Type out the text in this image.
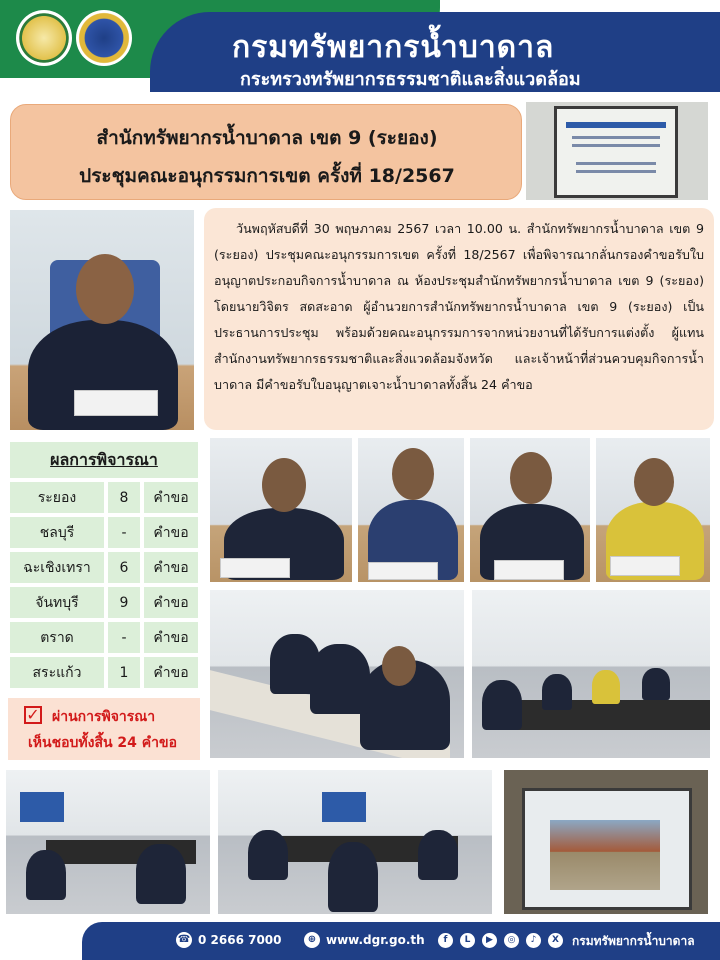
กรมทรัพยากรน้ำบาดาล
กระทรวงทรัพยากรธรรมชาติและสิ่งแวดล้อม
สำนักทรัพยากรน้ำบาดาล เขต 9 (ระยอง)
ประชุมคณะอนุกรรมการเขต ครั้งที่ 18/2567

วันพฤหัสบดีที่ 30 พฤษภาคม 2567 เวลา 10.00 น. สำนักทรัพยากรน้ำบาดาล เขต 9 (ระยอง) ประชุมคณะอนุกรรมการเขต ครั้งที่ 18/2567 เพื่อพิจารณากลั่นกรองคำขอรับใบอนุญาตประกอบกิจการน้ำบาดาล ณ ห้องประชุมสำนักทรัพยากรน้ำบาดาล เขต 9 (ระยอง) โดยนายวิจิตร สดสะอาด ผู้อำนวยการสำนักทรัพยากรน้ำบาดาล เขต 9 (ระยอง) เป็นประธานการประชุม พร้อมด้วยคณะอนุกรรมการจากหน่วยงานที่ได้รับการแต่งตั้ง ผู้แทนสำนักงานทรัพยากรธรรมชาติและสิ่งแวดล้อมจังหวัด และเจ้าหน้าที่ส่วนควบคุมกิจการน้ำบาดาล มีคำขอรับใบอนุญาตเจาะน้ำบาดาลทั้งสิ้น 24 คำขอ

ผลการพิจารณา
ระยอง	8	คำขอ
ชลบุรี	-	คำขอ
ฉะเชิงเทรา	6	คำขอ
จันทบุรี	9	คำขอ
ตราด	-	คำขอ
สระแก้ว	1	คำขอ
✓ ผ่านการพิจารณา
เห็นชอบทั้งสิ้น 24 คำขอ
☎ 0 2666 7000	⊕ www.dgr.go.th	f	L	▶	◎	♪	X	กรมทรัพยากรน้ำบาดาล
